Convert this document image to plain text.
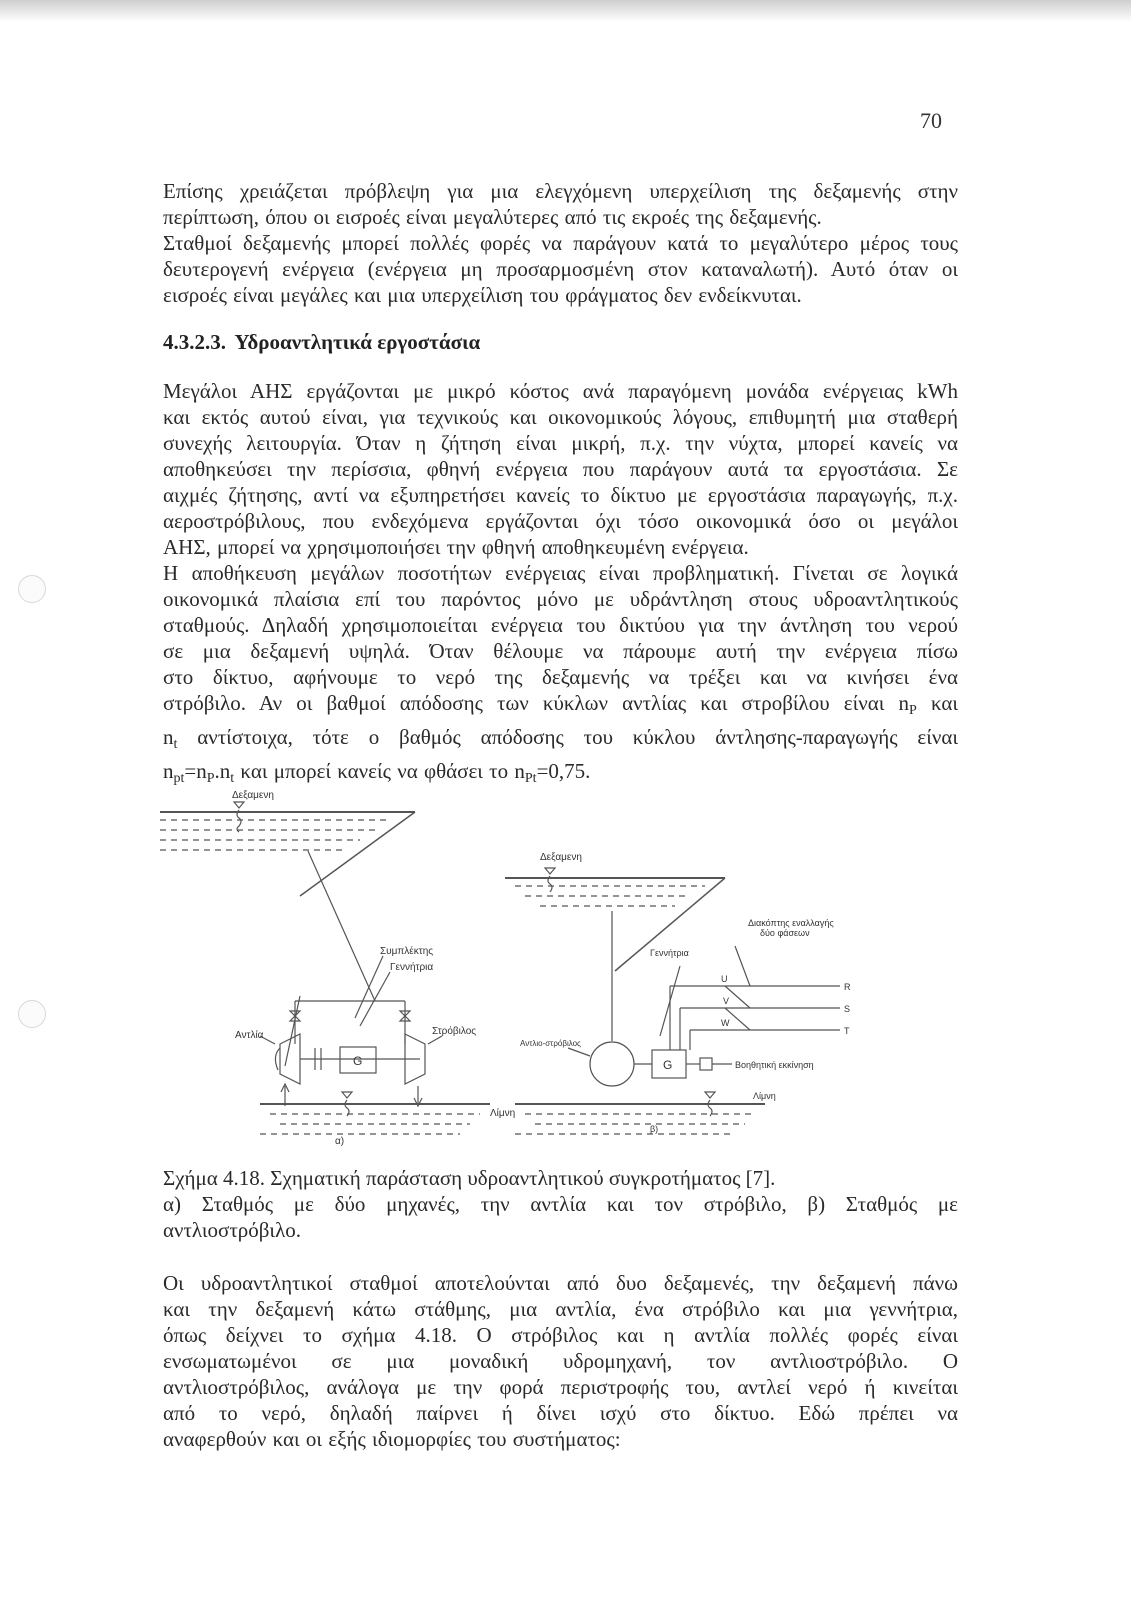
70
Επίσης χρειάζεται πρόβλεψη για μια ελεγχόμενη υπερχείλιση της δεξαμενής στην
περίπτωση, όπου οι εισροές είναι μεγαλύτερες από τις εκροές της δεξαμενής.
Σταθμοί δεξαμενής μπορεί πολλές φορές να παράγουν κατά το μεγαλύτερο μέρος τους
δευτερογενή ενέργεια (ενέργεια μη προσαρμοσμένη στον καταναλωτή). Αυτό όταν οι
εισροές είναι μεγάλες και μια υπερχείλιση του φράγματος δεν ενδείκνυται.
4.3.2.3. Υδροαντλητικά εργοστάσια
Μεγάλοι ΑΗΣ εργάζονται με μικρό κόστος ανά παραγόμενη μονάδα ενέργειας kWh
και εκτός αυτού είναι, για τεχνικούς και οικονομικούς λόγους, επιθυμητή μια σταθερή
συνεχής λειτουργία. Όταν η ζήτηση είναι μικρή, π.χ. την νύχτα, μπορεί κανείς να
αποθηκεύσει την περίσσια, φθηνή ενέργεια που παράγουν αυτά τα εργοστάσια. Σε
αιχμές ζήτησης, αντί να εξυπηρετήσει κανείς το δίκτυο με εργοστάσια παραγωγής, π.χ.
αεροστρόβιλους, που ενδεχόμενα εργάζονται όχι τόσο οικονομικά όσο οι μεγάλοι
ΑΗΣ, μπορεί να χρησιμοποιήσει την φθηνή αποθηκευμένη ενέργεια.
Η αποθήκευση μεγάλων ποσοτήτων ενέργειας είναι προβληματική. Γίνεται σε λογικά
οικονομικά πλαίσια επί του παρόντος μόνο με υδράντληση στους υδροαντλητικούς
σταθμούς. Δηλαδή χρησιμοποιείται ενέργεια του δικτύου για την άντληση του νερού
σε μια δεξαμενή υψηλά. Όταν θέλουμε να πάρουμε αυτή την ενέργεια πίσω
στο δίκτυο, αφήνουμε το νερό της δεξαμενής να τρέξει και να κινήσει ένα
στρόβιλο. Αν οι βαθμοί απόδοσης των κύκλων αντλίας και στροβίλου είναι $n_P$ και
$n_t$ αντίστοιχα, τότε ο βαθμός απόδοσης του κύκλου άντλησης-παραγωγής είναι
$n_{pt}=n_P.n_t$ και μπορεί κανείς να φθάσει το $n_{Pt}=0,75$.
Δεξαμενη
Συμπλέκτης
Γεννήτρια
Αντλία	Στρόβιλος
G
Λίμνη
α)
Δεξαμενη
Διακόπτης εναλλαγής
δύο φάσεων
Γεννήτρια
Αντλιο-στρόβιλος
G	Βοηθητική εκκίνηση
Λίμνη
β)
U
V
W
R
S
T
Σχήμα 4.18. Σχηματική παράσταση υδροαντλητικού συγκροτήματος [7].
α) Σταθμός με δύο μηχανές, την αντλία και τον στρόβιλο, β) Σταθμός με
αντλιοστρόβιλο.
Οι υδροαντλητικοί σταθμοί αποτελούνται από δυο δεξαμενές, την δεξαμενή πάνω
και την δεξαμενή κάτω στάθμης, μια αντλία, ένα στρόβιλο και μια γεννήτρια,
όπως δείχνει το σχήμα 4.18. Ο στρόβιλος και η αντλία πολλές φορές είναι
ενσωματωμένοι σε μια μοναδική υδρομηχανή, τον αντλιοστρόβιλο. Ο
αντλιοστρόβιλος, ανάλογα με την φορά περιστροφής του, αντλεί νερό ή κινείται
από το νερό, δηλαδή παίρνει ή δίνει ισχύ στο δίκτυο. Εδώ πρέπει να
αναφερθούν και οι εξής ιδιομορφίες του συστήματος:
